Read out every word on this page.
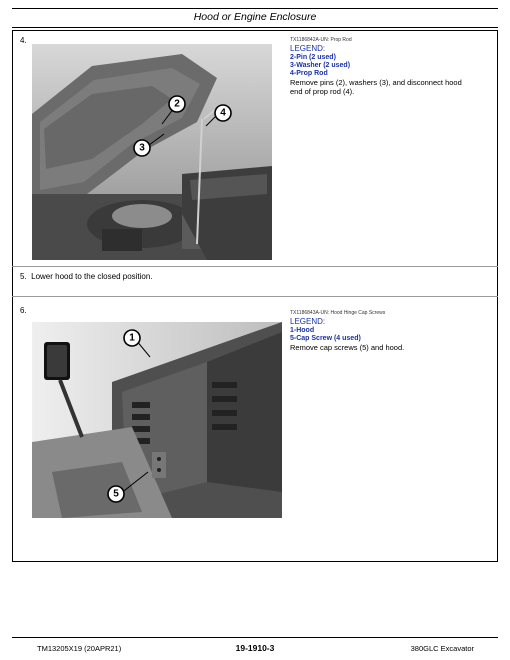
Hood or Engine Enclosure
4.
2
3
4
TX1186842A-UN: Prop Rod
LEGEND:
2-Pin (2 used)
3-Washer (2 used)
4-Prop Rod
Remove pins (2), washers (3), and disconnect hood end of prop rod (4).
5. Lower hood to the closed position.
6.
1
5
TX1186843A-UN: Hood Hinge Cap Screws
LEGEND:
1-Hood
5-Cap Screw (4 used)
Remove cap screws (5) and hood.
TM13205X19 (20APR21)	19-1910-3	380GLC Excavator
